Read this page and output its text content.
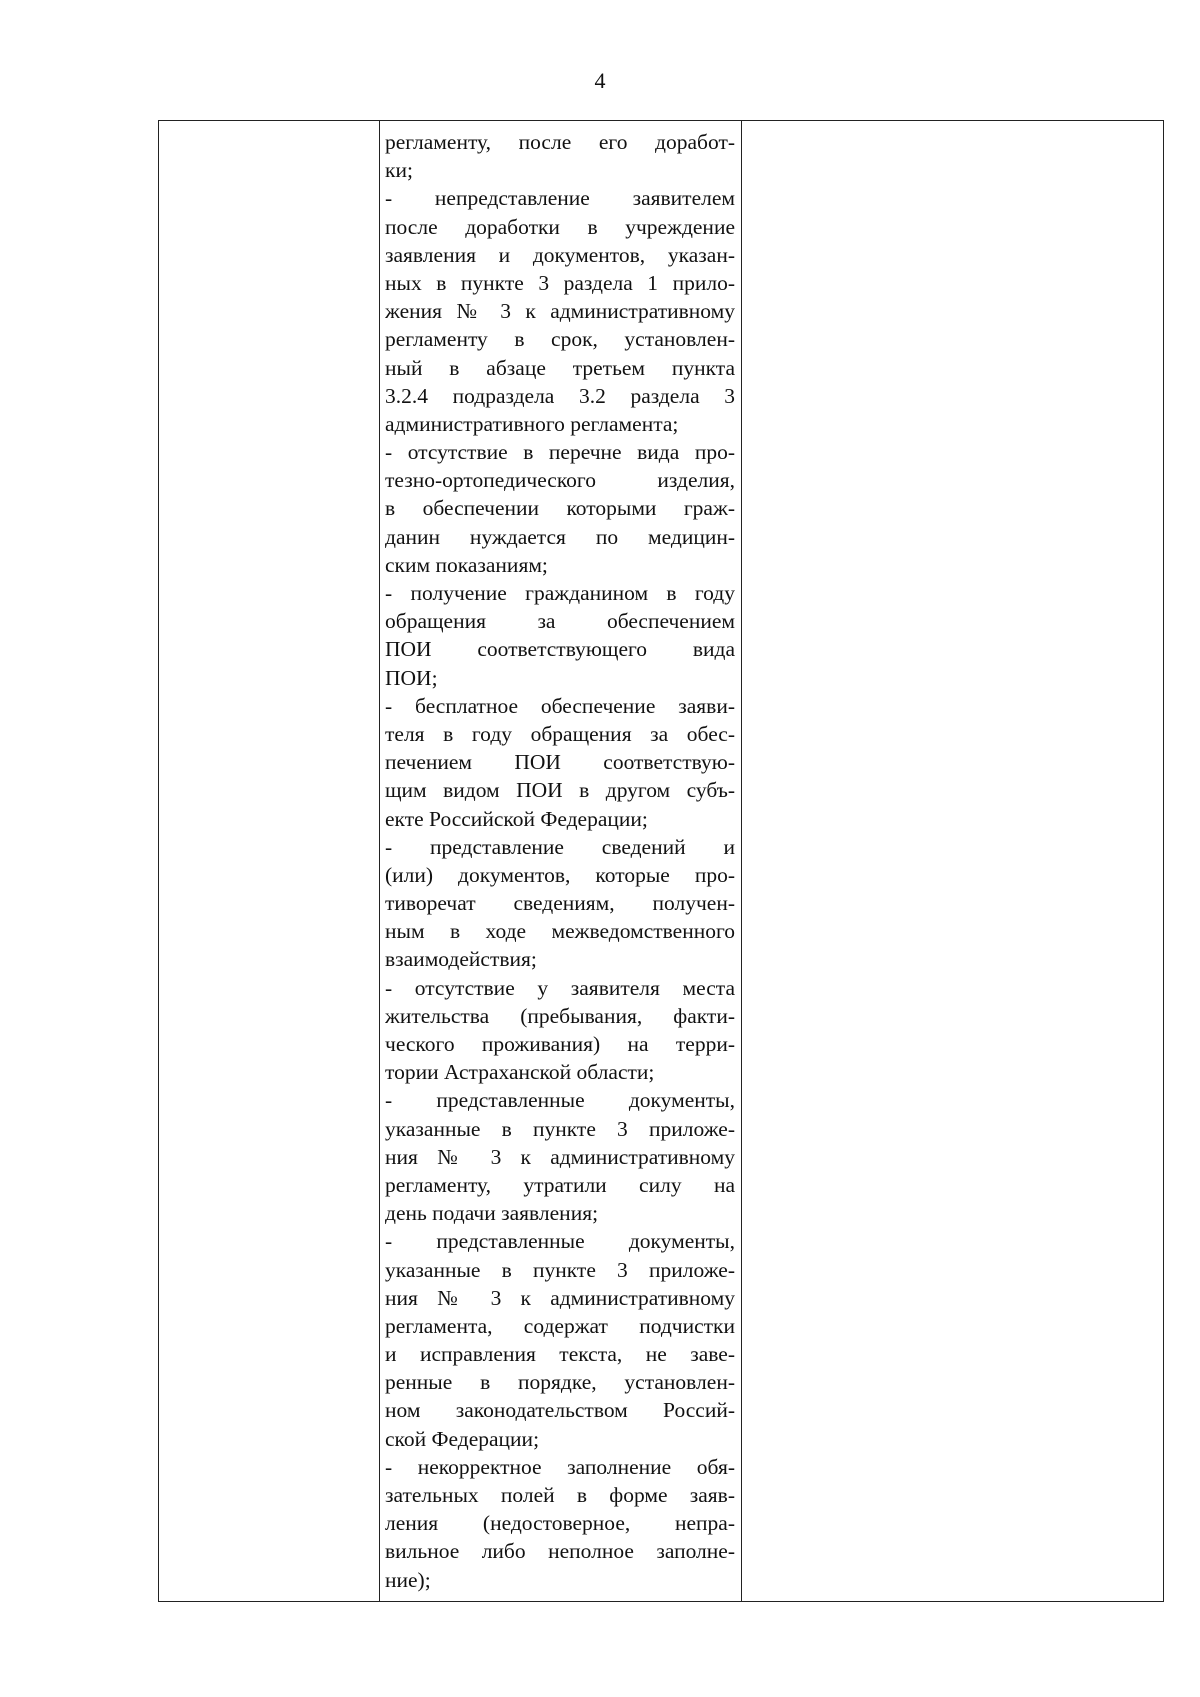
4
регламенту, после его доработ-
ки;
- непредставление заявителем
после доработки в учреждение
заявления и документов, указан-
ных в пункте 3 раздела 1 прило-
жения № 3 к административному
регламенту в срок, установлен-
ный в абзаце третьем пункта
3.2.4 подраздела 3.2 раздела 3
административного регламента;
- отсутствие в перечне вида про-
тезно-ортопедического изделия,
в обеспечении которыми граж-
данин нуждается по медицин-
ским показаниям;
- получение гражданином в году
обращения за обеспечением
ПОИ соответствующего вида
ПОИ;
- бесплатное обеспечение заяви-
теля в году обращения за обес-
печением ПОИ соответствую-
щим видом ПОИ в другом субъ-
екте Российской Федерации;
- представление сведений и
(или) документов, которые про-
тиворечат сведениям, получен-
ным в ходе межведомственного
взаимодействия;
- отсутствие у заявителя места
жительства (пребывания, факти-
ческого проживания) на терри-
тории Астраханской области;
- представленные документы,
указанные в пункте 3 приложе-
ния № 3 к административному
регламенту, утратили силу на
день подачи заявления;
- представленные документы,
указанные в пункте 3 приложе-
ния № 3 к административному
регламента, содержат подчистки
и исправления текста, не заве-
ренные в порядке, установлен-
ном законодательством Россий-
ской Федерации;
- некорректное заполнение обя-
зательных полей в форме заяв-
ления (недостоверное, непра-
вильное либо неполное заполне-
ние);
